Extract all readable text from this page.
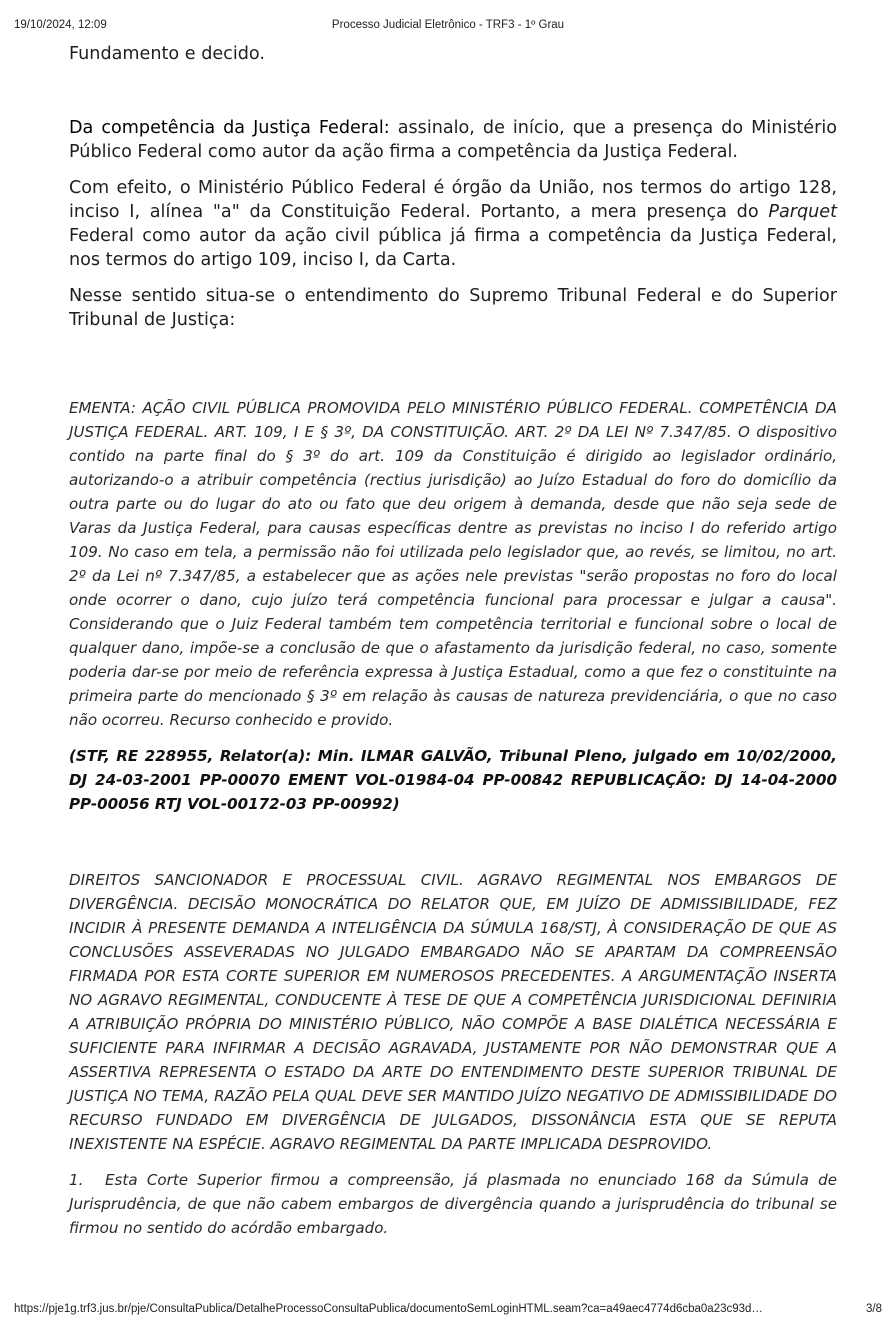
19/10/2024, 12:09	Processo Judicial Eletrônico - TRF3 - 1º Grau

Fundamento e decido.

Da competência da Justiça Federal: assinalo, de início, que a presença do Ministério Público Federal como autor da ação firma a competência da Justiça Federal.

Com efeito, o Ministério Público Federal é órgão da União, nos termos do artigo 128, inciso I, alínea "a" da Constituição Federal. Portanto, a mera presença do Parquet Federal como autor da ação civil pública já firma a competência da Justiça Federal, nos termos do artigo 109, inciso I, da Carta.

Nesse sentido situa-se o entendimento do Supremo Tribunal Federal e do Superior Tribunal de Justiça:

EMENTA: AÇÃO CIVIL PÚBLICA PROMOVIDA PELO MINISTÉRIO PÚBLICO FEDERAL. COMPETÊNCIA DA JUSTIÇA FEDERAL. ART. 109, I E § 3º, DA CONSTITUIÇÃO. ART. 2º DA LEI Nº 7.347/85. O dispositivo contido na parte final do § 3º do art. 109 da Constituição é dirigido ao legislador ordinário, autorizando-o a atribuir competência (rectius jurisdição) ao Juízo Estadual do foro do domicílio da outra parte ou do lugar do ato ou fato que deu origem à demanda, desde que não seja sede de Varas da Justiça Federal, para causas específicas dentre as previstas no inciso I do referido artigo 109. No caso em tela, a permissão não foi utilizada pelo legislador que, ao revés, se limitou, no art. 2º da Lei nº 7.347/85, a estabelecer que as ações nele previstas "serão propostas no foro do local onde ocorrer o dano, cujo juízo terá competência funcional para processar e julgar a causa". Considerando que o Juiz Federal também tem competência territorial e funcional sobre o local de qualquer dano, impõe-se a conclusão de que o afastamento da jurisdição federal, no caso, somente poderia dar-se por meio de referência expressa à Justiça Estadual, como a que fez o constituinte na primeira parte do mencionado § 3º em relação às causas de natureza previdenciária, o que no caso não ocorreu. Recurso conhecido e provido.

(STF, RE 228955, Relator(a): Min. ILMAR GALVÃO, Tribunal Pleno, julgado em 10/02/2000, DJ 24-03-2001 PP-00070 EMENT VOL-01984-04 PP-00842 REPUBLICAÇÃO: DJ 14-04-2000 PP-00056 RTJ VOL-00172-03 PP-00992)

DIREITOS SANCIONADOR E PROCESSUAL CIVIL. AGRAVO REGIMENTAL NOS EMBARGOS DE DIVERGÊNCIA. DECISÃO MONOCRÁTICA DO RELATOR QUE, EM JUÍZO DE ADMISSIBILIDADE, FEZ INCIDIR À PRESENTE DEMANDA A INTELIGÊNCIA DA SÚMULA 168/STJ, À CONSIDERAÇÃO DE QUE AS CONCLUSÕES ASSEVERADAS NO JULGADO EMBARGADO NÃO SE APARTAM DA COMPREENSÃO FIRMADA POR ESTA CORTE SUPERIOR EM NUMEROSOS PRECEDENTES. A ARGUMENTAÇÃO INSERTA NO AGRAVO REGIMENTAL, CONDUCENTE À TESE DE QUE A COMPETÊNCIA JURISDICIONAL DEFINIRIA A ATRIBUIÇÃO PRÓPRIA DO MINISTÉRIO PÚBLICO, NÃO COMPÕE A BASE DIALÉTICA NECESSÁRIA E SUFICIENTE PARA INFIRMAR A DECISÃO AGRAVADA, JUSTAMENTE POR NÃO DEMONSTRAR QUE A ASSERTIVA REPRESENTA O ESTADO DA ARTE DO ENTENDIMENTO DESTE SUPERIOR TRIBUNAL DE JUSTIÇA NO TEMA, RAZÃO PELA QUAL DEVE SER MANTIDO JUÍZO NEGATIVO DE ADMISSIBILIDADE DO RECURSO FUNDADO EM DIVERGÊNCIA DE JULGADOS, DISSONÂNCIA ESTA QUE SE REPUTA INEXISTENTE NA ESPÉCIE. AGRAVO REGIMENTAL DA PARTE IMPLICADA DESPROVIDO.

1. Esta Corte Superior firmou a compreensão, já plasmada no enunciado 168 da Súmula de Jurisprudência, de que não cabem embargos de divergência quando a jurisprudência do tribunal se firmou no sentido do acórdão embargado.

https://pje1g.trf3.jus.br/pje/ConsultaPublica/DetalheProcessoConsultaPublica/documentoSemLoginHTML.seam?ca=a49aec4774d6cba0a23c93d…	3/8
